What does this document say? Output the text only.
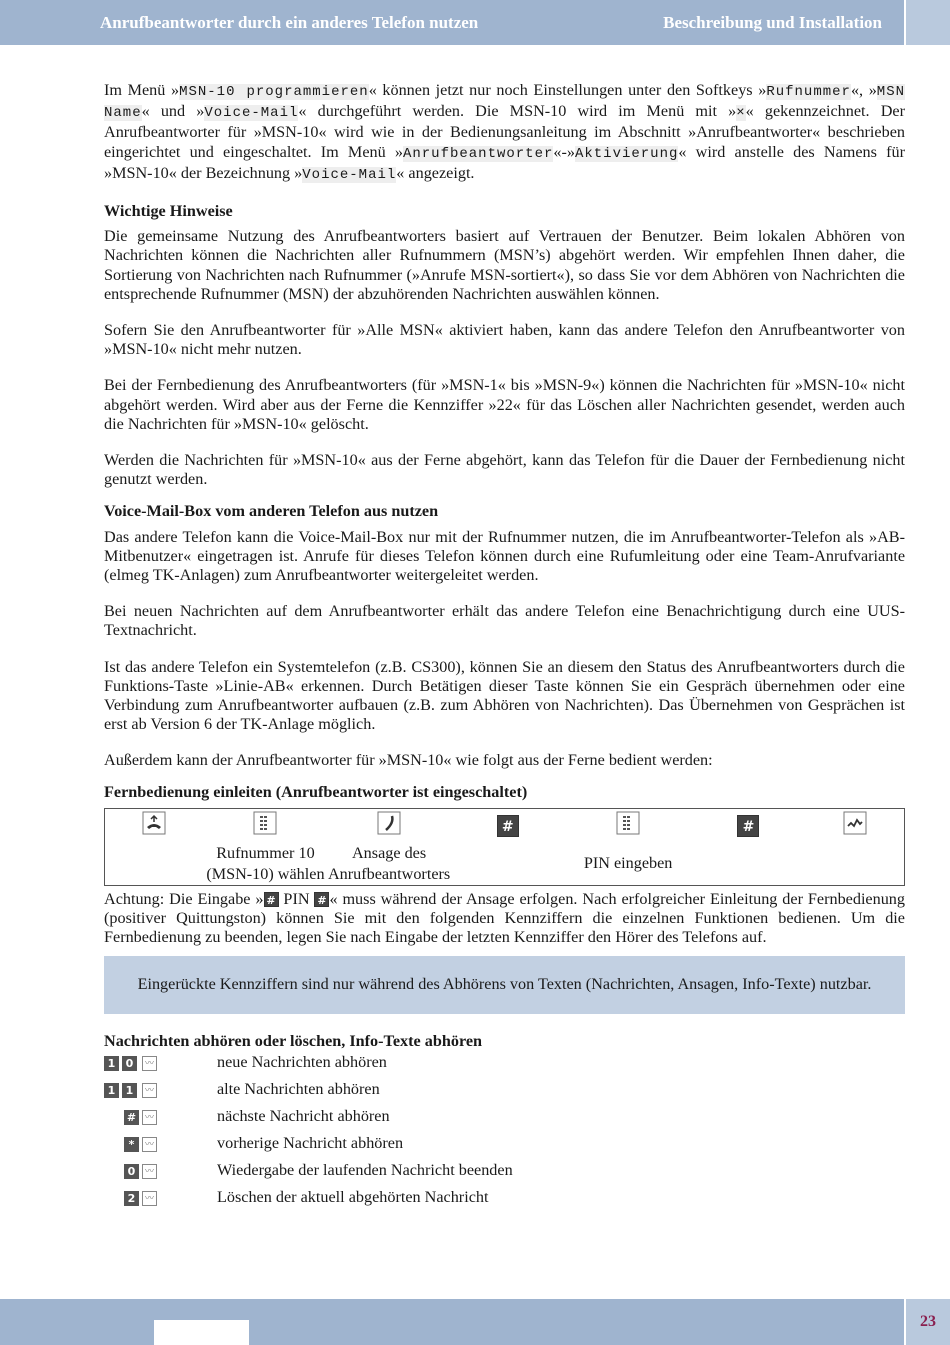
Anrufbeantworter durch ein anderes Telefon nutzen	Beschreibung und Installation

Im Menü »MSN-10 programmieren« können jetzt nur noch Einstellungen unter den Softkeys »Rufnummer«, »MSN Name« und »Voice-Mail« durchgeführt werden. Die MSN-10 wird im Menü mit »×« gekennzeichnet. Der Anrufbeantworter für »MSN-10« wird wie in der Bedienungsanleitung im Abschnitt »Anrufbeantworter« beschrieben eingerichtet und eingeschaltet. Im Menü »Anrufbeantworter«-»Aktivierung« wird anstelle des Namens für »MSN-10« der Bezeichnung »Voice-Mail« angezeigt.

Wichtige Hinweise

Die gemeinsame Nutzung des Anrufbeantworters basiert auf Vertrauen der Benutzer. Beim lokalen Abhören von Nachrichten können die Nachrichten aller Rufnummern (MSN’s) abgehört werden. Wir empfehlen Ihnen daher, die Sortierung von Nachrichten nach Rufnummer (»Anrufe MSN-sortiert«), so dass Sie vor dem Abhören von Nachrichten die entsprechende Rufnummer (MSN) der abzuhörenden Nachrichten auswählen können.

Sofern Sie den Anrufbeantworter für »Alle MSN« aktiviert haben, kann das andere Telefon den Anrufbeantworter von »MSN-10« nicht mehr nutzen.

Bei der Fernbedienung des Anrufbeantworters (für »MSN-1« bis »MSN-9«) können die Nachrichten für »MSN-10« nicht abgehört werden. Wird aber aus der Ferne die Kennziffer »22« für das Löschen aller Nachrichten gesendet, werden auch die Nachrichten für »MSN-10« gelöscht.

Werden die Nachrichten für »MSN-10« aus der Ferne abgehört, kann das Telefon für die Dauer der Fernbedienung nicht genutzt werden.

Voice-Mail-Box vom anderen Telefon aus nutzen

Das andere Telefon kann die Voice-Mail-Box nur mit der Rufnummer nutzen, die im Anrufbeantworter-Telefon als »AB-Mitbenutzer« eingetragen ist. Anrufe für dieses Telefon können durch eine Rufumleitung oder eine Team-Anrufvariante (elmeg TK-Anlagen) zum Anrufbeantworter weitergeleitet werden.

Bei neuen Nachrichten auf dem Anrufbeantworter erhält das andere Telefon eine Benachrichtigung durch eine UUS-Textnachricht.

Ist das andere Telefon ein Systemtelefon (z.B. CS300), können Sie an diesem den Status des Anrufbeantworters durch die Funktions-Taste »Linie-AB« erkennen. Durch Betätigen dieser Taste können Sie ein Gespräch übernehmen oder eine Verbindung zum Anrufbeantworter aufbauen (z.B. zum Abhören von Nachrichten). Das Übernehmen von Gesprächen ist erst ab Version 6 der TK-Anlage möglich.

Außerdem kann der Anrufbeantworter für »MSN-10« wie folgt aus der Ferne bedient werden:

Fernbedienung einleiten (Anrufbeantworter ist eingeschaltet)
			#		#	
	Rufnummer 10 (MSN-10) wählen	Ansage des Anrufbeantworters	PIN eingeben			
Achtung: Die Eingabe » # PIN # « muss während der Ansage erfolgen. Nach erfolgreicher Einleitung der Fernbedienung (positiver Quittungston) können Sie mit den folgenden Kennziffern die einzelnen Funktionen bedienen. Um die Fernbedienung zu beenden, legen Sie nach Eingabe der letzten Kennziffer den Hörer des Telefons auf.
Eingerückte Kennziffern sind nur während des Abhörens von Texten (Nachrichten, Ansagen, Info-Texte) nutzbar.
Nachrichten abhören oder löschen, Info-Texte abhören
1 0	〰	neue Nachrichten abhören
1 1	〰	alte Nachrichten abhören
# 〰	nächste Nachricht abhören
*	〰	vorherige Nachricht abhören
0	〰	Wiedergabe der laufenden Nachricht beenden
2	〰	Löschen der aktuell abgehörten Nachricht
23
